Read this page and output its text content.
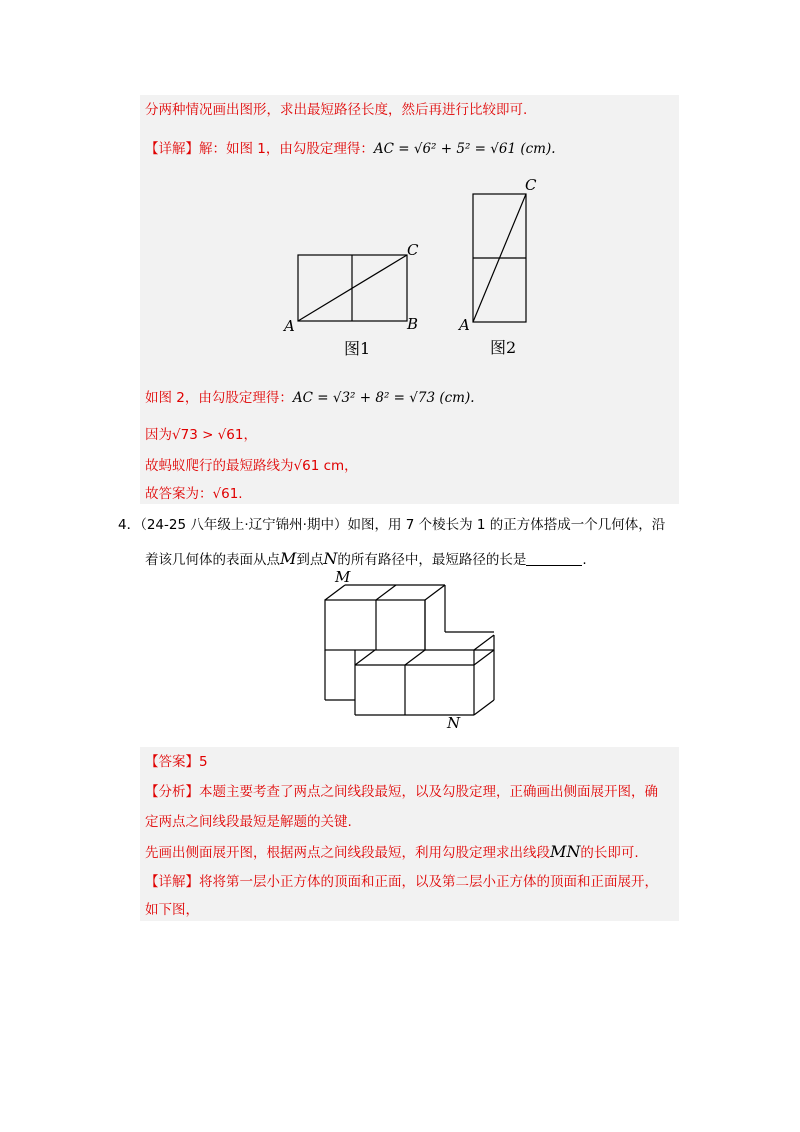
分两种情况画出图形，求出最短路径长度，然后再进行比较即可.
【详解】解：如图 1，由勾股定理得：AC = √6² + 5² = √61 (cm).
C
A	B
图1
C
A
图2
如图 2，由勾股定理得：AC = √3² + 8² = √73 (cm).
因为√73 > √61，
故蚂蚁爬行的最短路线为√61 cm，
故答案为：√61.
4．（24-25 八年级上·辽宁锦州·期中）如图，用 7 个棱长为 1 的正方体搭成一个几何体，沿
着该几何体的表面从点M到点N的所有路径中，最短路径的长是	.
M
N
【答案】5
【分析】本题主要考查了两点之间线段最短，以及勾股定理，正确画出侧面展开图，确
定两点之间线段最短是解题的关键.
先画出侧面展开图，根据两点之间线段最短，利用勾股定理求出线段MN的长即可.
【详解】将将第一层小正方体的顶面和正面，以及第二层小正方体的顶面和正面展开，
如下图，
